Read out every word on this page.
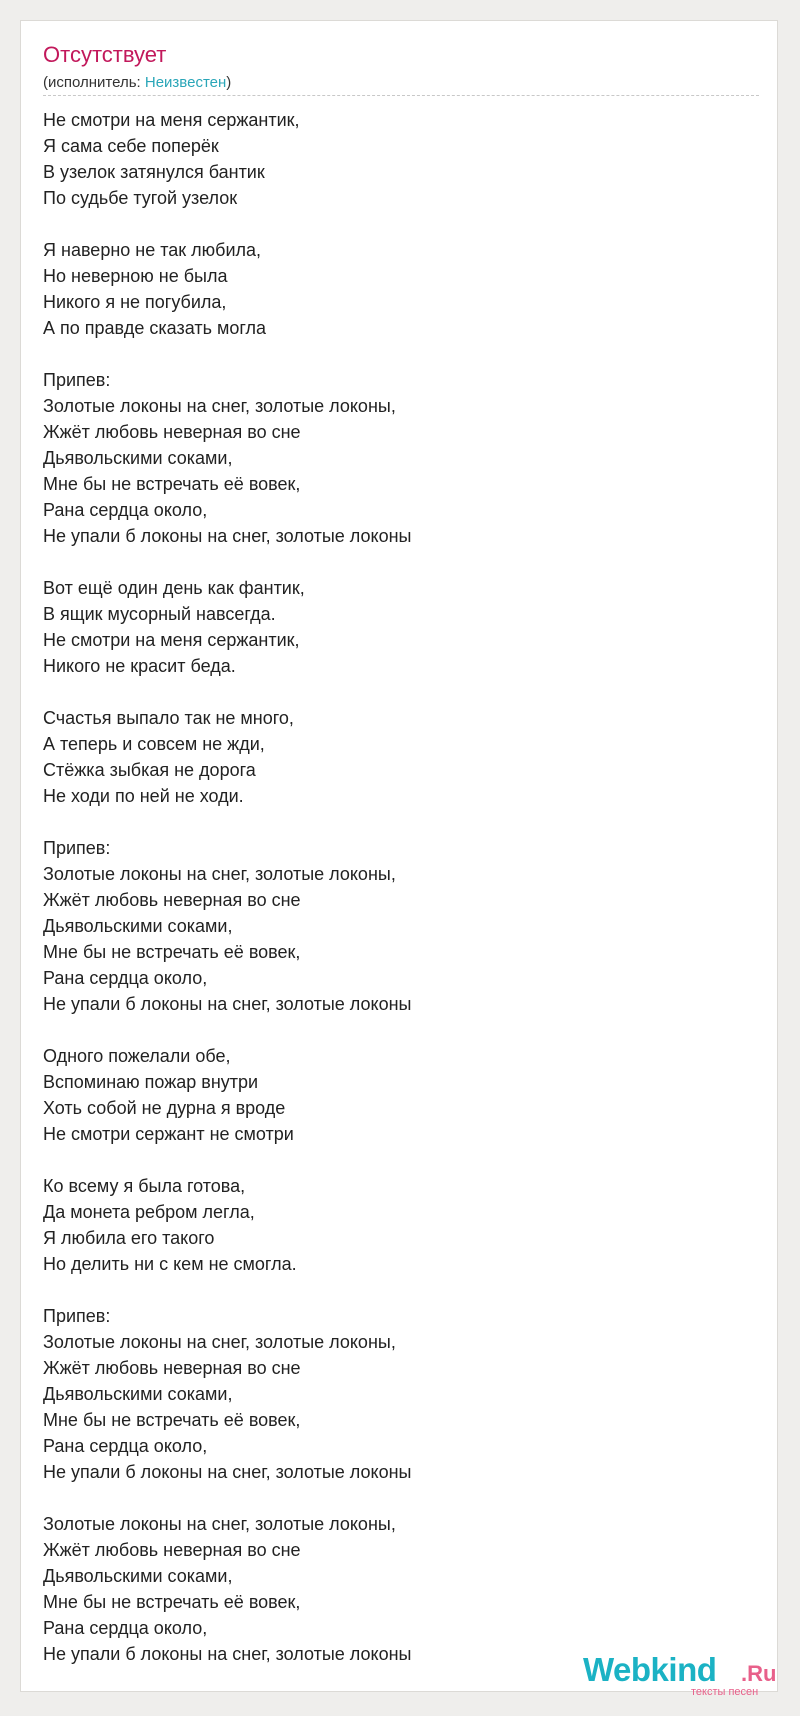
Отсутствует
(исполнитель: Неизвестен)
Не смотри на меня сержантик,
Я сама себе поперёк
В узелок затянулся бантик
По судьбе тугой узелок
Я наверно не так любила,
Но неверною не была
Никого я не погубила,
А по правде сказать могла
Припев:
Золотые локоны на снег, золотые локоны,
Жжёт любовь неверная во сне
Дьявольскими соками,
Мне бы не встречать её вовек,
Рана сердца около,
Не упали б локоны на снег, золотые локоны
Вот ещё один день как фантик,
В ящик мусорный навсегда.
Не смотри на меня сержантик,
Никого не красит беда.
Счастья выпало так не много,
А теперь и совсем не жди,
Стёжка зыбкая не дорога
Не ходи по ней не ходи.
Припев:
Золотые локоны на снег, золотые локоны,
Жжёт любовь неверная во сне
Дьявольскими соками,
Мне бы не встречать её вовек,
Рана сердца около,
Не упали б локоны на снег, золотые локоны
Одного пожелали обе,
Вспоминаю пожар внутри
Хоть собой не дурна я вроде
Не смотри сержант не смотри
Ко всему я была готова,
Да монета ребром легла,
Я любила его такого
Но делить ни с кем не смогла.
Припев:
Золотые локоны на снег, золотые локоны,
Жжёт любовь неверная во сне
Дьявольскими соками,
Мне бы не встречать её вовек,
Рана сердца около,
Не упали б локоны на снег, золотые локоны
Золотые локоны на снег, золотые локоны,
Жжёт любовь неверная во сне
Дьявольскими соками,
Мне бы не встречать её вовек,
Рана сердца около,
Не упали б локоны на снег, золотые локоны	Webkind .Ru
тексты песен
